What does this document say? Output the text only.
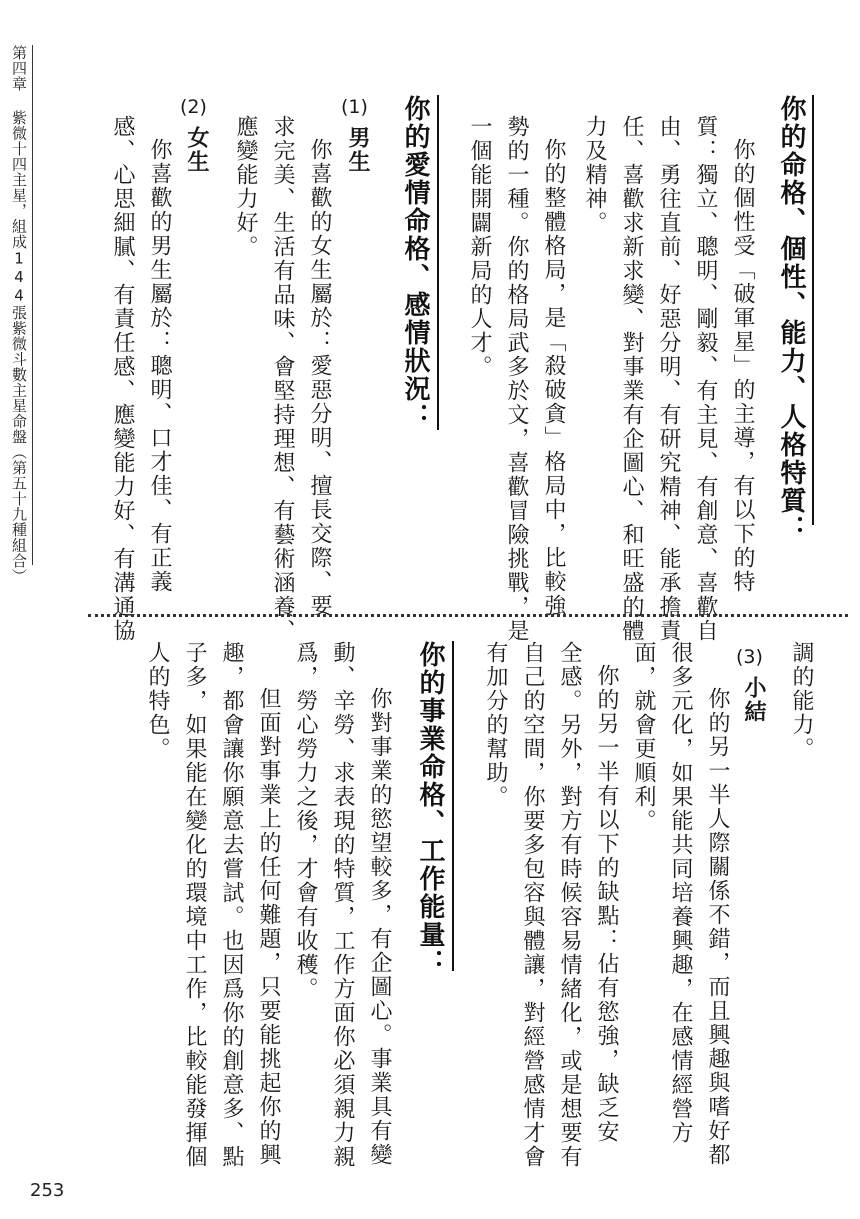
第四章 紫微十四主星，組成144張紫微斗數主星命盤（第五十九種組合）	你的命格、個性、能力、人格特質：
你的個性受「破軍星」的主導，有以下的特
質：獨立、聰明、剛毅、有主見、有創意、喜歡自
由、勇往直前、好惡分明、有研究精神、能承擔責
任、喜歡求新求變、對事業有企圖心、和旺盛的體
力及精神。
你的整體格局，是「殺破貪」格局中，比較強
勢的一種。你的格局武多於文，喜歡冒險挑戰，是
一個能開闢新局的人才。
你的愛情命格、感情狀況：
(1)
男生
你喜歡的女生屬於：愛惡分明、擅長交際、要
求完美、生活有品味、會堅持理想、有藝術涵養、
應變能力好。
(2)
女生
你喜歡的男生屬於：聰明、口才佳、有正義
感、心思細膩、有責任感、應變能力好、有溝通協
調的能力。
(3)
小結
你的另一半人際關係不錯，而且興趣與嗜好都
很多元化，如果能共同培養興趣，在感情經營方
面，就會更順利。
你的另一半有以下的缺點：佔有慾強，缺乏安
全感。另外，對方有時候容易情緒化，或是想要有
自己的空間，你要多包容與體讓，對經營感情才會
有加分的幫助。
你的事業命格、工作能量：
你對事業的慾望較多，有企圖心。事業具有變
動、辛勞、求表現的特質，工作方面你必須親力親
爲，勞心勞力之後，才會有收穫。
但面對事業上的任何難題，只要能挑起你的興
趣，都會讓你願意去嘗試。也因爲你的創意多、點
子多，如果能在變化的環境中工作，比較能發揮個
人的特色。
253
